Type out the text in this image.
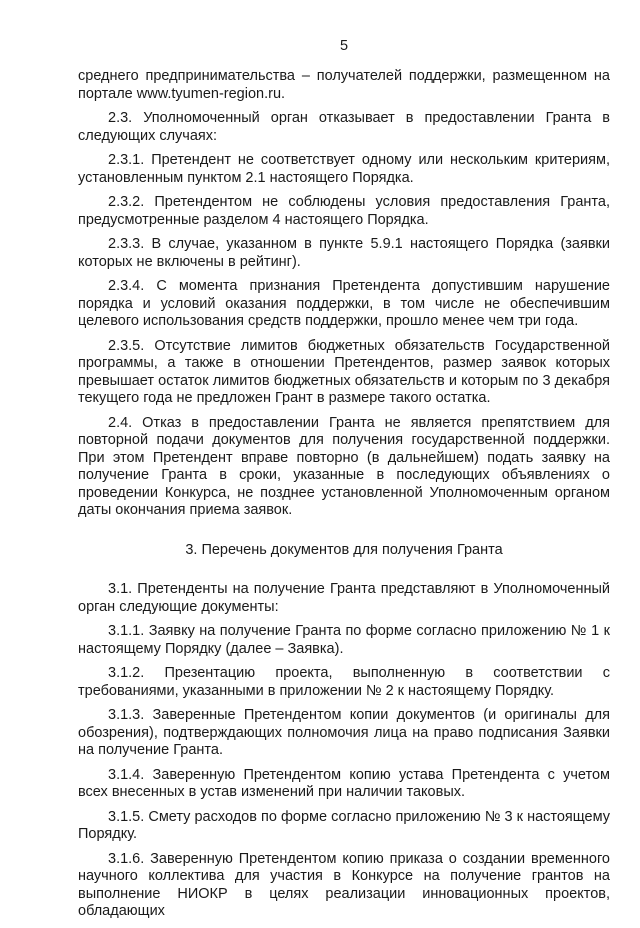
5

среднего предпринимательства – получателей поддержки, размещенном на портале www.tyumen-region.ru.

2.3. Уполномоченный орган отказывает в предоставлении Гранта в следующих случаях:

2.3.1. Претендент не соответствует одному или нескольким критериям, установленным пунктом 2.1 настоящего Порядка.

2.3.2. Претендентом не соблюдены условия предоставления Гранта, предусмотренные разделом 4 настоящего Порядка.

2.3.3. В случае, указанном в пункте 5.9.1 настоящего Порядка (заявки которых не включены в рейтинг).

2.3.4. С момента признания Претендента допустившим нарушение порядка и условий оказания поддержки, в том числе не обеспечившим целевого использования средств поддержки, прошло менее чем три года.

2.3.5. Отсутствие лимитов бюджетных обязательств Государственной программы, а также в отношении Претендентов, размер заявок которых превышает остаток лимитов бюджетных обязательств и которым по 3 декабря текущего года не предложен Грант в размере такого остатка.

2.4. Отказ в предоставлении Гранта не является препятствием для повторной подачи документов для получения государственной поддержки. При этом Претендент вправе повторно (в дальнейшем) подать заявку на получение Гранта в сроки, указанные в последующих объявлениях о проведении Конкурса, не позднее установленной Уполномоченным органом даты окончания приема заявок.

3. Перечень документов для получения Гранта

3.1. Претенденты на получение Гранта представляют в Уполномоченный орган следующие документы:

3.1.1. Заявку на получение Гранта по форме согласно приложению № 1 к настоящему Порядку (далее – Заявка).

3.1.2. Презентацию проекта, выполненную в соответствии с требованиями, указанными в приложении № 2 к настоящему Порядку.

3.1.3. Заверенные Претендентом копии документов (и оригиналы для обозрения), подтверждающих полномочия лица на право подписания Заявки на получение Гранта.

3.1.4. Заверенную Претендентом копию устава Претендента с учетом всех внесенных в устав изменений при наличии таковых.

3.1.5. Смету расходов по форме согласно приложению № 3 к настоящему Порядку.

3.1.6. Заверенную Претендентом копию приказа о создании временного научного коллектива для участия в Конкурсе на получение грантов на выполнение НИОКР в целях реализации инновационных проектов, обладающих
